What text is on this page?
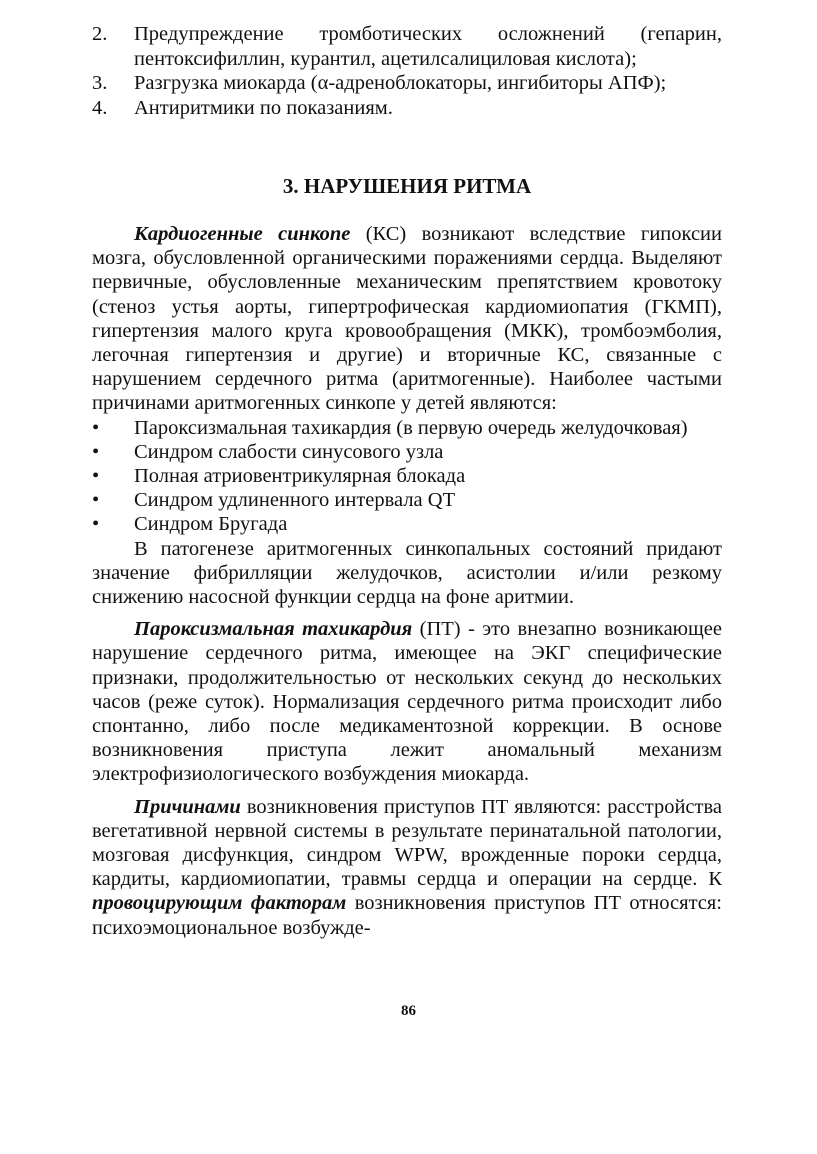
2. Предупреждение тромботических осложнений (гепарин, пентоксифиллин, курантил, ацетилсалициловая кислота);
3. Разгрузка миокарда (α-адреноблокаторы, ингибиторы АПФ);
4. Антиритмики по показаниям.
3. НАРУШЕНИЯ РИТМА

Кардиогенные синкопе (КС) возникают вследствие гипоксии мозга, обусловленной органическими поражениями сердца. Выделяют первичные, обусловленные механическим препятствием кровотоку (стеноз устья аорты, гипертрофическая кардиомиопатия (ГКМП), гипертензия малого круга кровообращения (МКК), тромбоэмболия, легочная гипертензия и другие) и вторичные КС, связанные с нарушением сердечного ритма (аритмогенные). Наиболее частыми причинами аритмогенных синкопе у детей являются:

• Пароксизмальная тахикардия (в первую очередь желудочковая)
• Синдром слабости синусового узла
• Полная атриовентрикулярная блокада
• Синдром удлиненного интервала QT
• Синдром Бругада

В патогенезе аритмогенных синкопальных состояний придают значение фибрилляции желудочков, асистолии и/или резкому снижению насосной функции сердца на фоне аритмии.

Пароксизмальная тахикардия (ПТ) - это внезапно возникающее нарушение сердечного ритма, имеющее на ЭКГ специфические признаки, продолжительностью от нескольких секунд до нескольких часов (реже суток). Нормализация сердечного ритма происходит либо спонтанно, либо после медикаментозной коррекции. В основе возникновения приступа лежит аномальный механизм электрофизиологического возбуждения миокарда.

Причинами возникновения приступов ПТ являются: расстройства вегетативной нервной системы в результате перинатальной патологии, мозговая дисфункция, синдром WPW, врожденные пороки сердца, кардиты, кардиомиопатии, травмы сердца и операции на сердце. К провоцирующим факторам возникновения приступов ПТ относятся: психоэмоциональное возбужде-

86
